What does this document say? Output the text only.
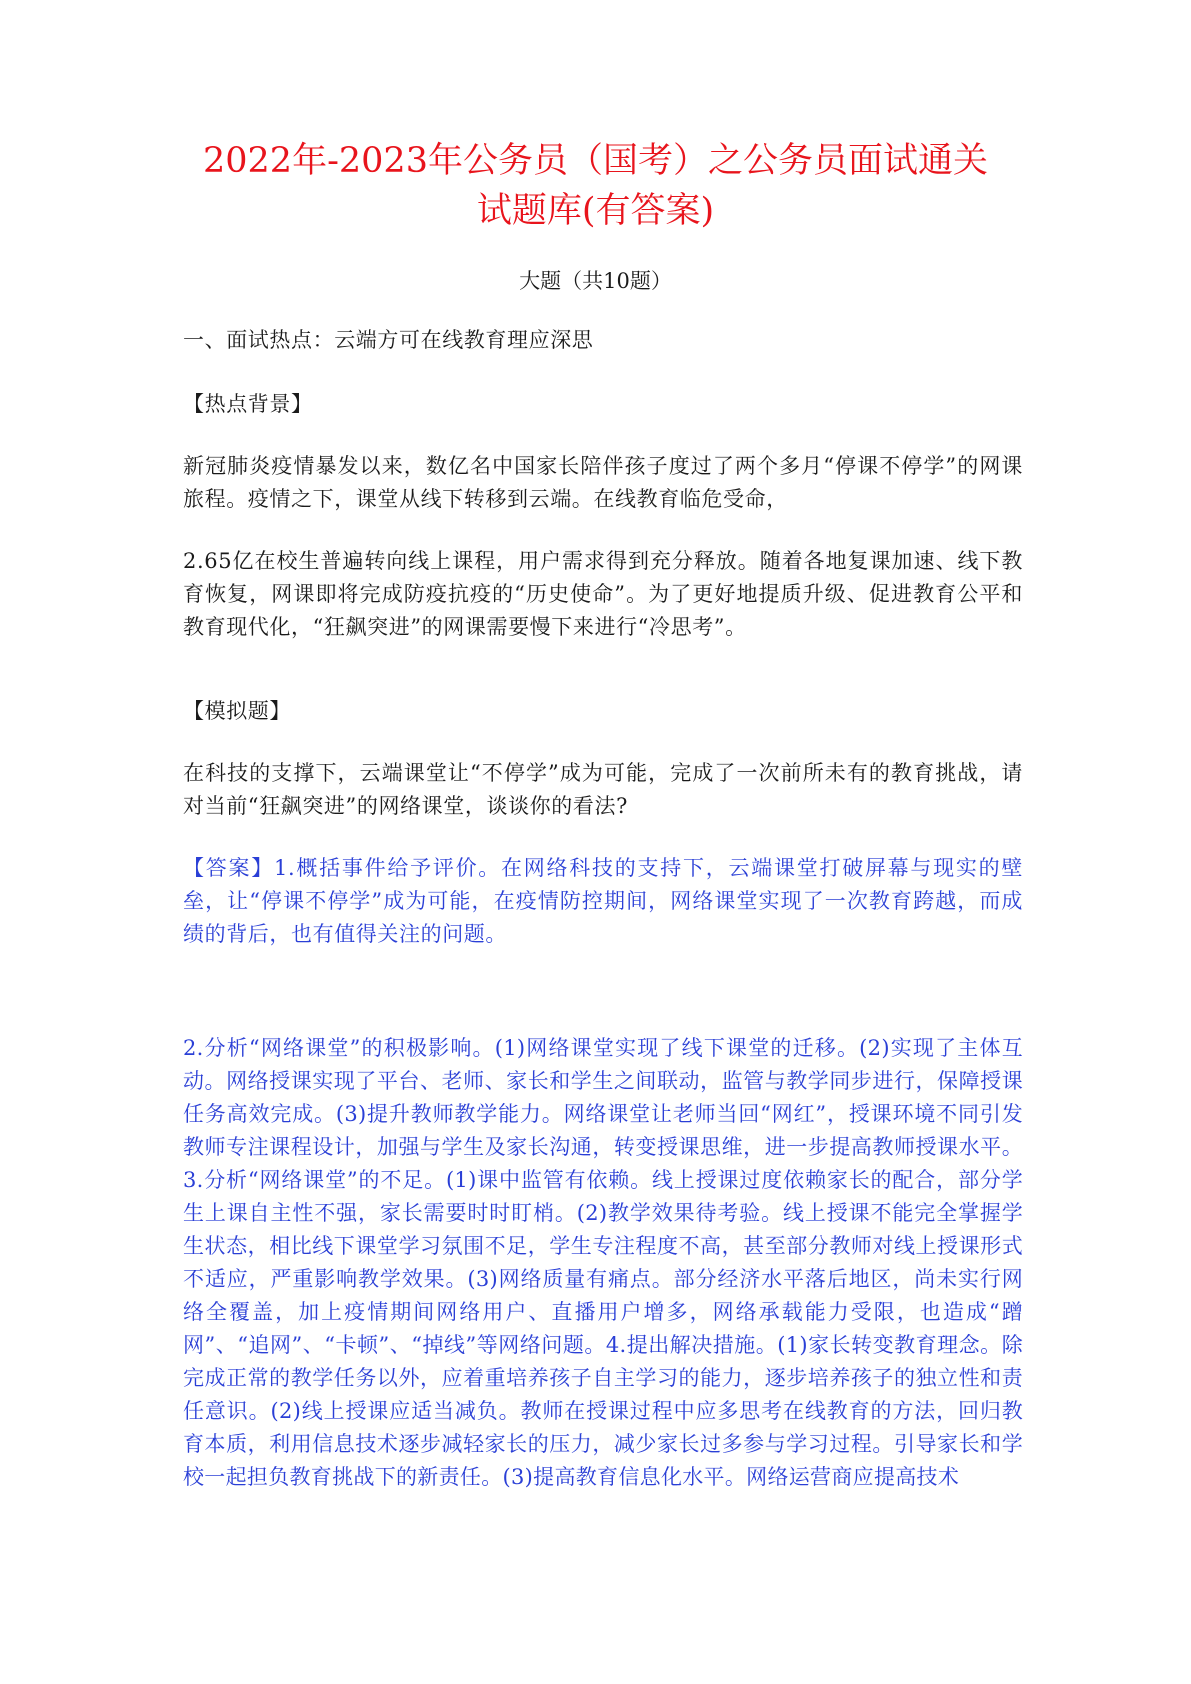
2022年-2023年公务员（国考）之公务员面试通关
试题库(有答案)
大题（共10题）

一、面试热点：云端方可在线教育理应深思

【热点背景】

新冠肺炎疫情暴发以来，数亿名中国家长陪伴孩子度过了两个多月“停课不停学”的网课旅程。疫情之下，课堂从线下转移到云端。在线教育临危受命，

2.65亿在校生普遍转向线上课程，用户需求得到充分释放。随着各地复课加速、线下教育恢复，网课即将完成防疫抗疫的“历史使命”。为了更好地提质升级、促进教育公平和教育现代化，“狂飙突进”的网课需要慢下来进行“冷思考”。

【模拟题】

在科技的支撑下，云端课堂让“不停学”成为可能，完成了一次前所未有的教育挑战，请对当前“狂飙突进”的网络课堂，谈谈你的看法?

【答案】1.概括事件给予评价。在网络科技的支持下，云端课堂打破屏幕与现实的壁垒，让“停课不停学”成为可能，在疫情防控期间，网络课堂实现了一次教育跨越，而成绩的背后，也有值得关注的问题。

2.分析“网络课堂”的积极影响。(1)网络课堂实现了线下课堂的迁移。(2)实现了主体互动。网络授课实现了平台、老师、家长和学生之间联动，监管与教学同步进行，保障授课任务高效完成。(3)提升教师教学能力。网络课堂让老师当回“网红”，授课环境不同引发教师专注课程设计，加强与学生及家长沟通，转变授课思维，进一步提高教师授课水平。3.分析“网络课堂”的不足。(1)课中监管有依赖。线上授课过度依赖家长的配合，部分学生上课自主性不强，家长需要时时盯梢。(2)教学效果待考验。线上授课不能完全掌握学生状态，相比线下课堂学习氛围不足，学生专注程度不高，甚至部分教师对线上授课形式不适应，严重影响教学效果。(3)网络质量有痛点。部分经济水平落后地区，尚未实行网络全覆盖，加上疫情期间网络用户、直播用户增多，网络承载能力受限，也造成“蹭网”、“追网”、“卡顿”、“掉线”等网络问题。4.提出解决措施。(1)家长转变教育理念。除完成正常的教学任务以外，应着重培养孩子自主学习的能力，逐步培养孩子的独立性和责任意识。(2)线上授课应适当减负。教师在授课过程中应多思考在线教育的方法，回归教育本质，利用信息技术逐步减轻家长的压力，减少家长过多参与学习过程。引导家长和学校一起担负教育挑战下的新责任。(3)提高教育信息化水平。网络运营商应提高技术
